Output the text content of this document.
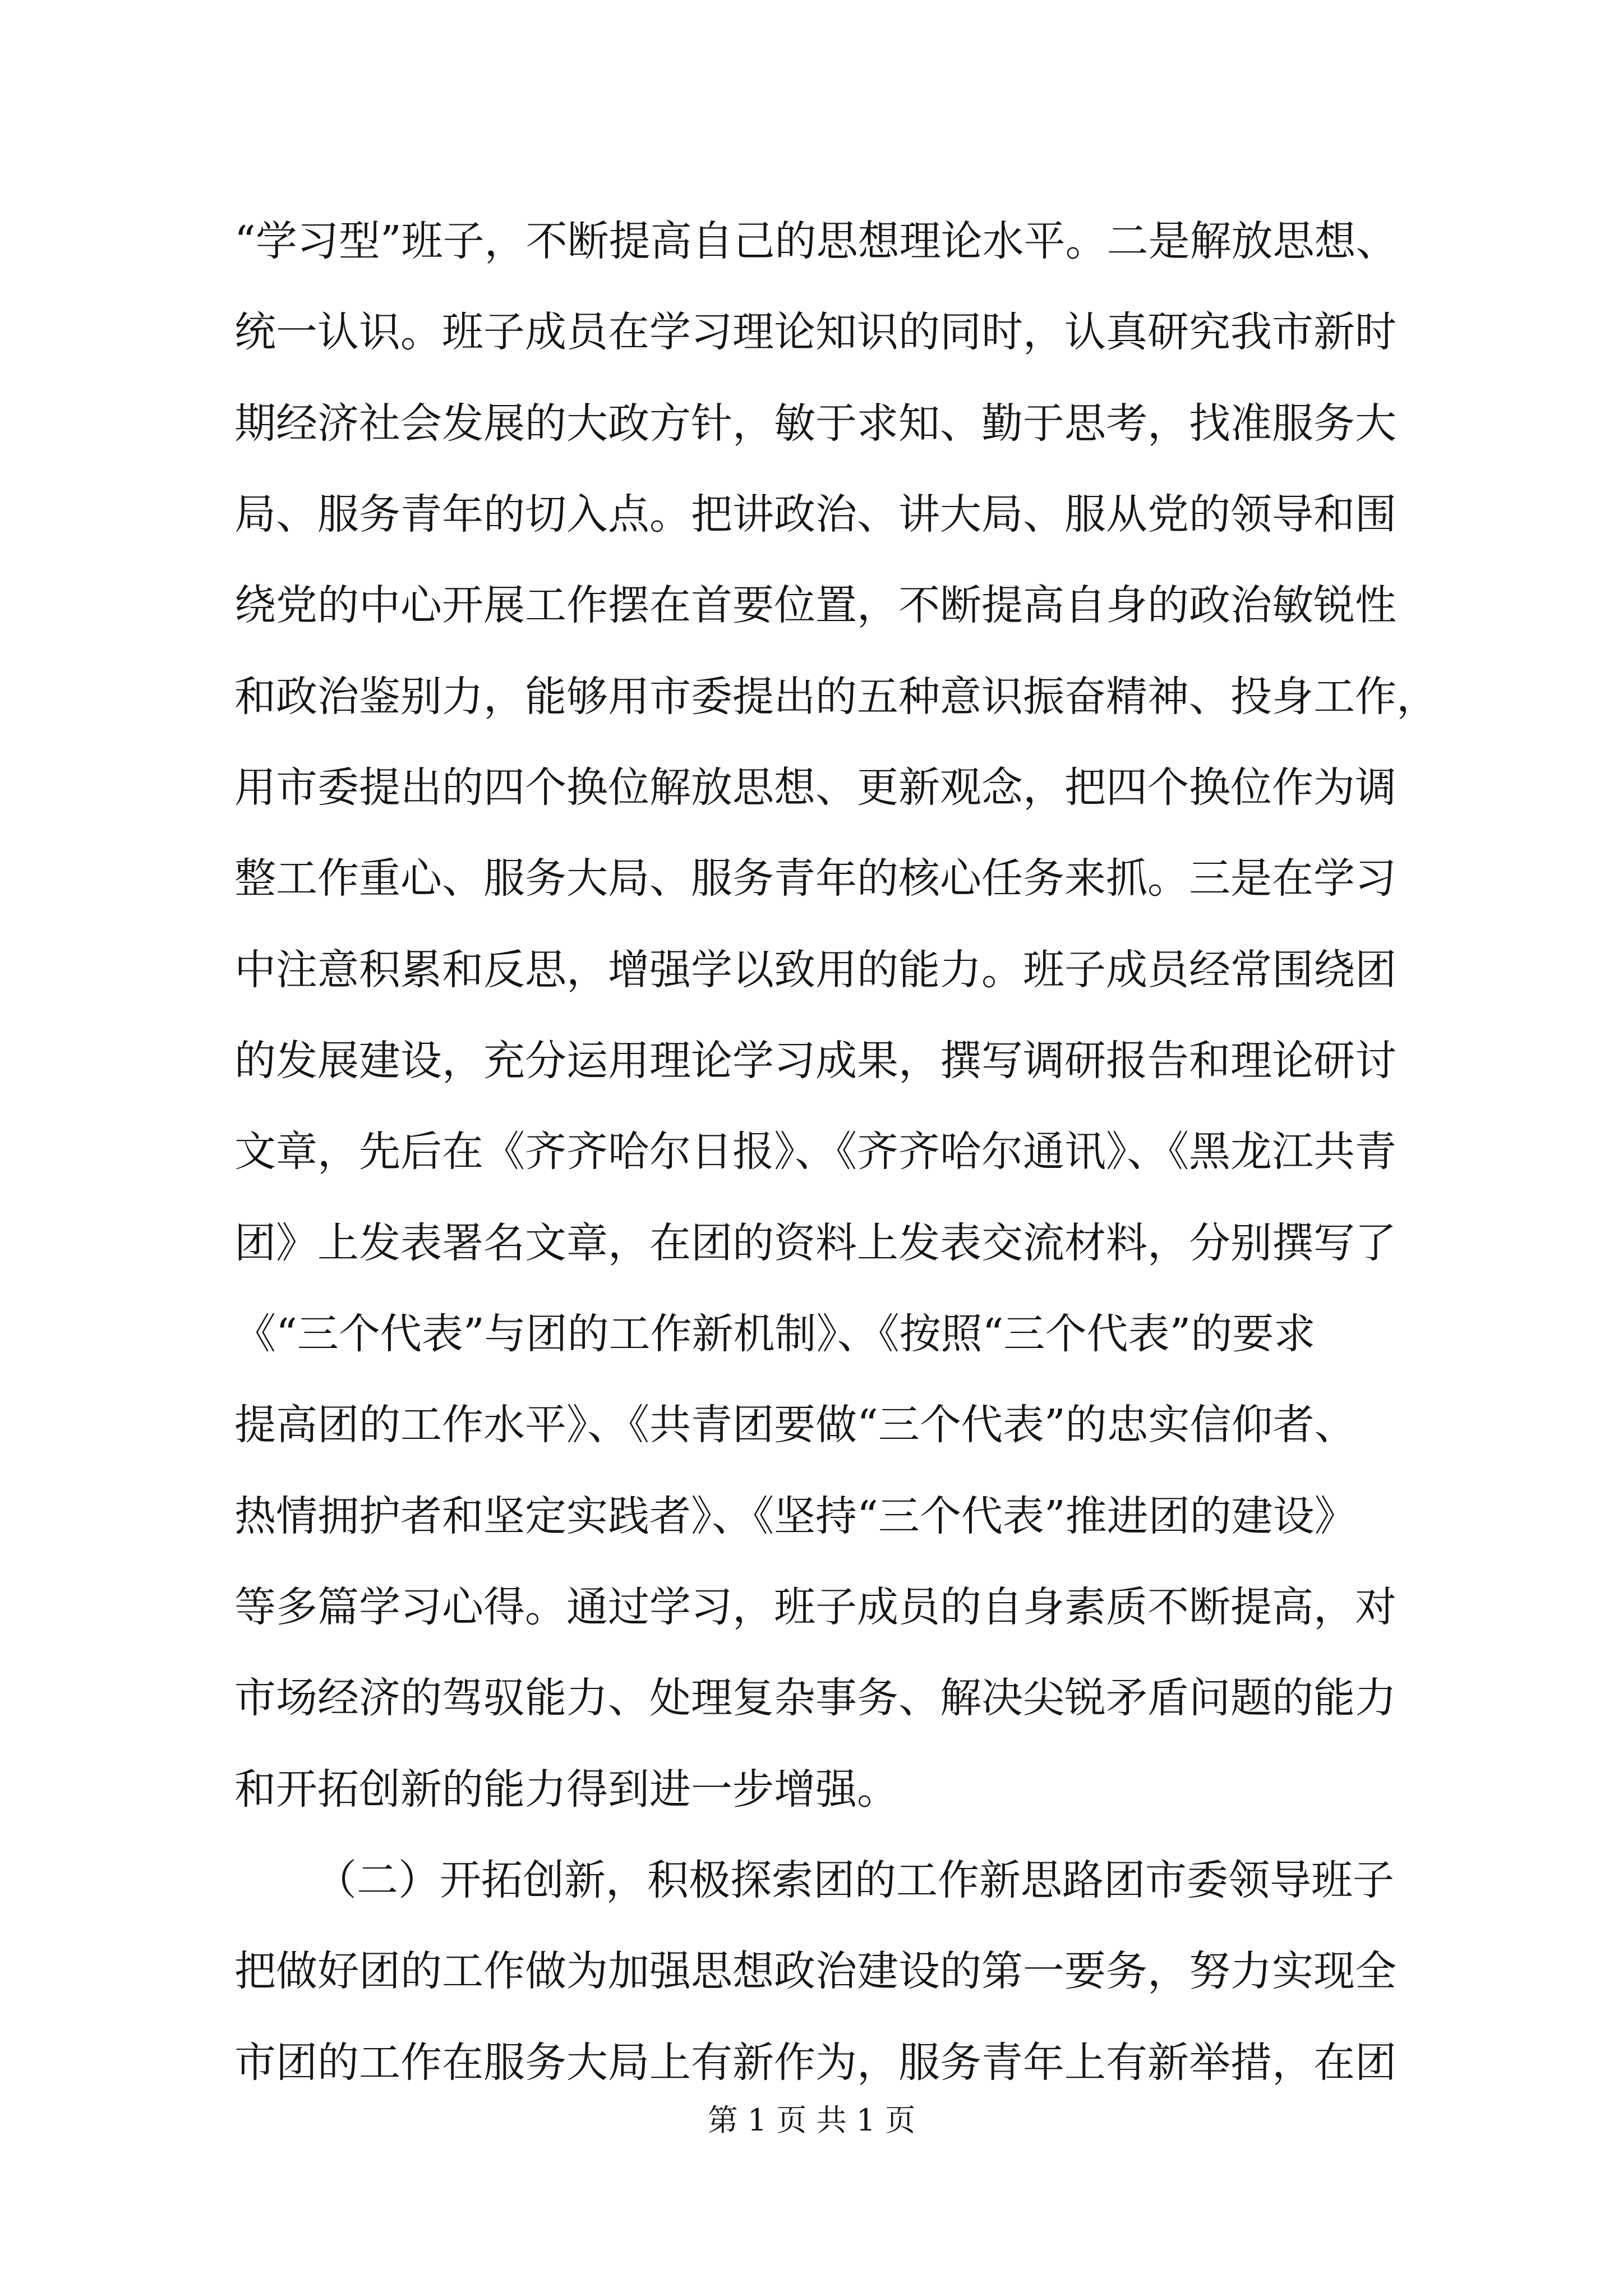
“学习型”班子，不断提高自己的思想理论水平。二是解放思想、
统一认识。班子成员在学习理论知识的同时，认真研究我市新时
期经济社会发展的大政方针，敏于求知、勤于思考，找准服务大
局、服务青年的切入点。把讲政治、讲大局、服从党的领导和围
绕党的中心开展工作摆在首要位置，不断提高自身的政治敏锐性
和政治鉴别力，能够用市委提出的五种意识振奋精神、投身工作，
用市委提出的四个换位解放思想、更新观念，把四个换位作为调
整工作重心、服务大局、服务青年的核心任务来抓。三是在学习
中注意积累和反思，增强学以致用的能力。班子成员经常围绕团
的发展建设，充分运用理论学习成果，撰写调研报告和理论研讨
文章，先后在《齐齐哈尔日报》、《齐齐哈尔通讯》、《黑龙江共青
团》上发表署名文章，在团的资料上发表交流材料，分别撰写了
《“三个代表”与团的工作新机制》、《按照“三个代表”的要求
提高团的工作水平》、《共青团要做“三个代表”的忠实信仰者、
热情拥护者和坚定实践者》、《坚持“三个代表”推进团的建设》
等多篇学习心得。通过学习，班子成员的自身素质不断提高，对
市场经济的驾驭能力、处理复杂事务、解决尖锐矛盾问题的能力
和开拓创新的能力得到进一步增强。
（二）开拓创新，积极探索团的工作新思路团市委领导班子
把做好团的工作做为加强思想政治建设的第一要务，努力实现全
市团的工作在服务大局上有新作为，服务青年上有新举措，在团
第 1 页 共 1 页
